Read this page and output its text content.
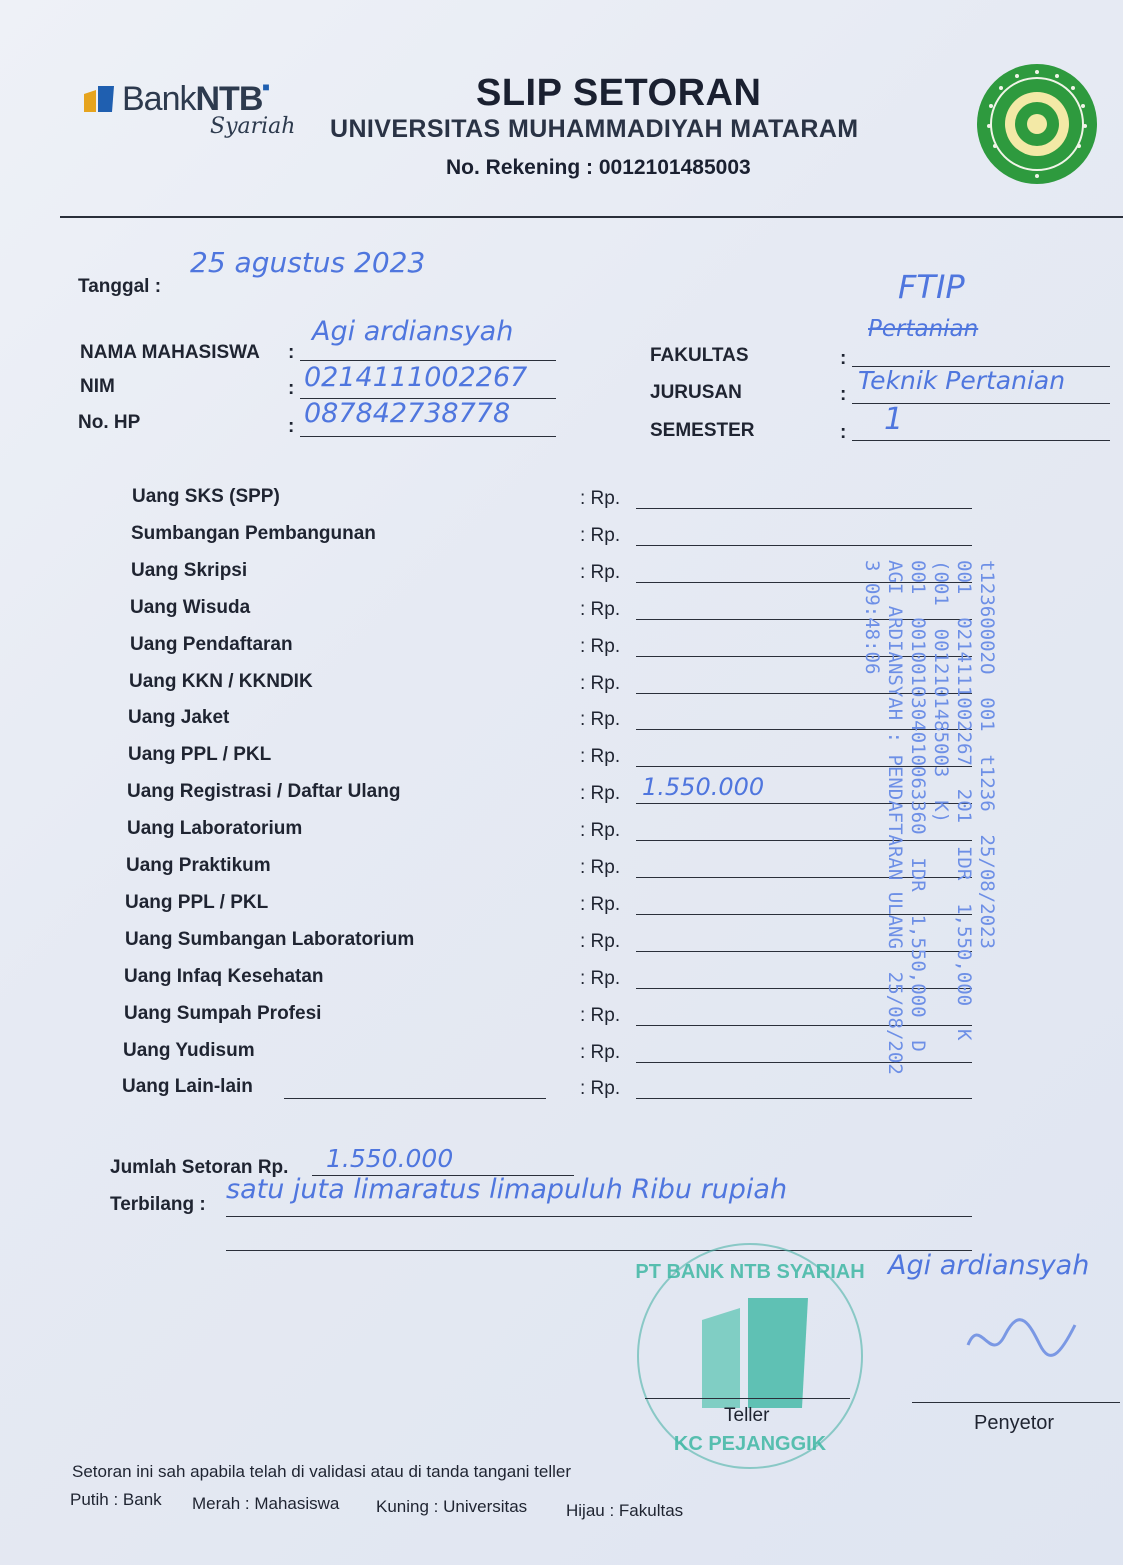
BankNTB■
Syariah
SLIP SETORAN
UNIVERSITAS MUHAMMADIYAH MATARAM
No. Rekening : 0012101485003
Tanggal :
25 agustus 2023
NAMA MAHASISWA :
Agi ardiansyah
NIM	: 0214111002267
No. HP	: 087842738778
FAKULTAS	:
FTIP
Pertanian
JURUSAN	: Teknik Pertanian
SEMESTER	: 1
Uang SKS (SPP)	: Rp.
Sumbangan Pembangunan	: Rp.
Uang Skripsi	: Rp.
Uang Wisuda	: Rp.
Uang Pendaftaran	: Rp.
Uang KKN / KKNDIK	: Rp.
Uang Jaket	: Rp.
Uang PPL / PKL	: Rp.
Uang Registrasi / Daftar Ulang	: Rp. 1.550.000
Uang Laboratorium	: Rp.
Uang Praktikum	: Rp.
Uang PPL / PKL	: Rp.
Uang Sumbangan Laboratorium	: Rp.
Uang Infaq Kesehatan	: Rp.
Uang Sumpah Profesi	: Rp.
Uang Yudisum	: Rp.
Uang Lain-lain	: Rp.
t12360002O  001  t1236  25/08/2023
001  0214111002267  201  IDR  1,550,000  K
(001  0012101485003  K)
001  0010010304010063360  IDR  1,550,000  D
AGI ARDIANSYAH : PENDAFTARAN ULANG  25/08/202
3 09:48:06
Jumlah Setoran Rp. 1.550.000
Terbilang : satu juta limaratus limapuluh Ribu rupiah
PT BANK NTB SYARIAH
KC PEJANGGIK
Teller
Agi ardiansyah
Penyetor
Setoran ini sah apabila telah di validasi atau di tanda tangani teller
Putih : Bank Merah : Mahasiswa Kuning : Universitas Hijau : Fakultas
